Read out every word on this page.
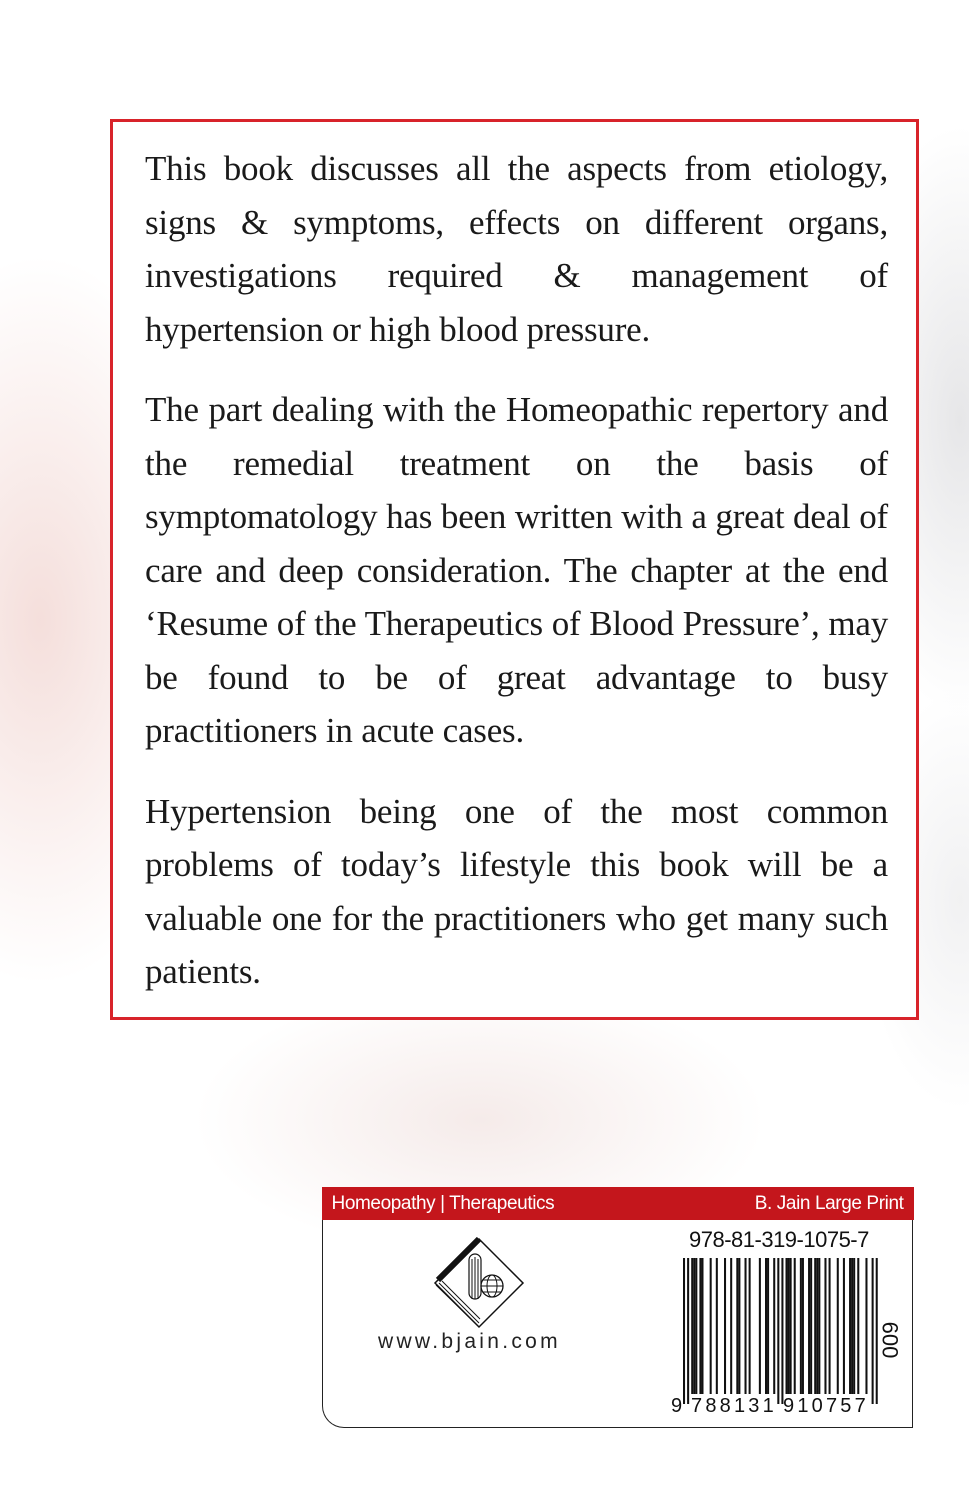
This book discusses all the aspects from etiology, signs & symptoms, effects on different organs, investigations required & management of hypertension or high blood pressure.

The part dealing with the Homeopathic repertory and the remedial treatment on the basis of symptomatology has been written with a great deal of care and deep consideration. The chapter at the end ‘Resume of the Therapeutics of Blood Pressure’, may be found to be of great advantage to busy practitioners in acute cases.

Hypertension being one of the most common problems of today’s lifestyle this book will be a valuable one for the practitioners who get many such patients.

Homeopathy | Therapeutics	B. Jain Large Print
www.bjain.com
978-81-319-1075-7
9 788131 910757
600
